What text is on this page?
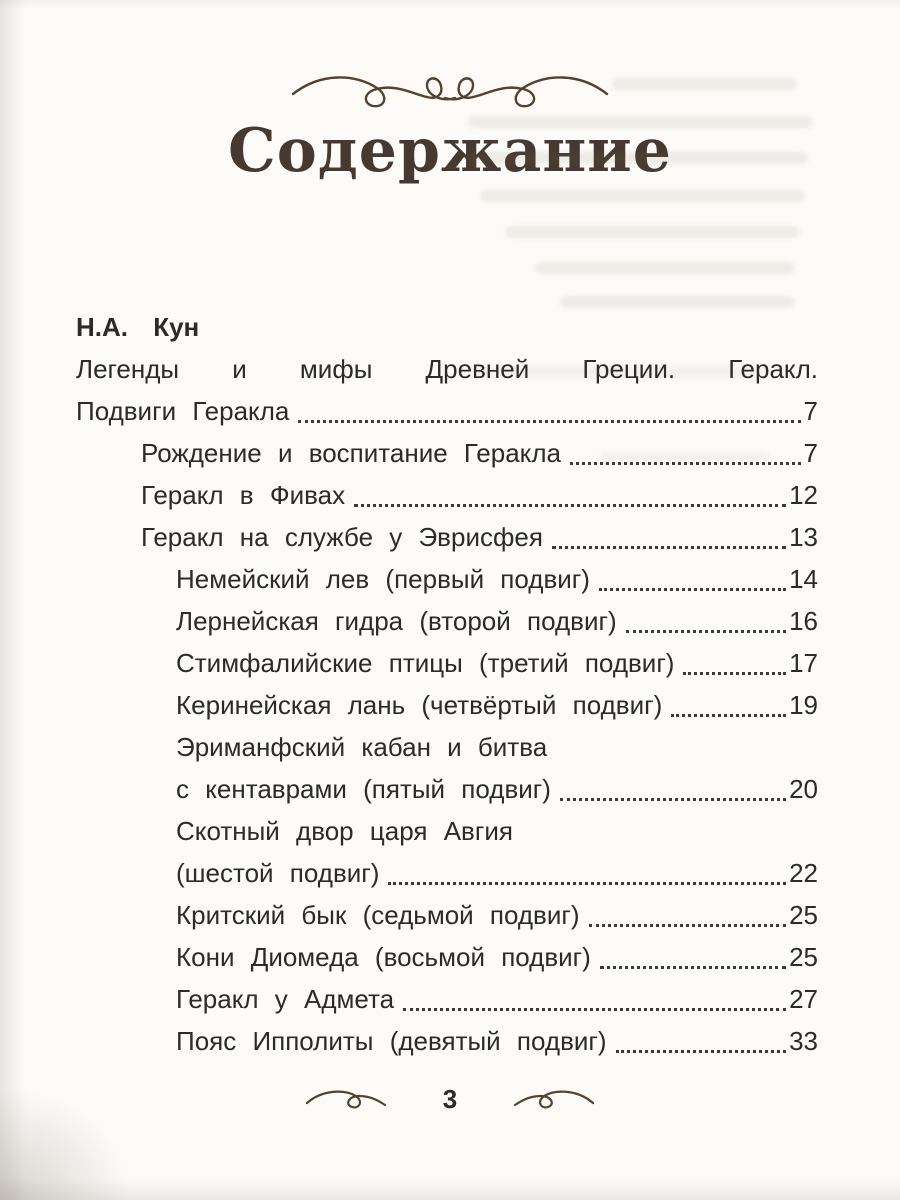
Содержание
Н.А. Кун
Легенды и мифы Древней Греции. Геракл.
Подвиги Геракла	7
Рождение и воспитание Геракла	7
Геракл в Фивах	12
Геракл на службе у Эврисфея	13
Немейский лев (первый подвиг)	14
Лернейская гидра (второй подвиг)	16
Стимфалийские птицы (третий подвиг)	17
Керинейская лань (четвёртый подвиг)	19
Эриманфский кабан и битва
с кентаврами (пятый подвиг)	20
Скотный двор царя Авгия
(шестой подвиг)	22
Критский бык (седьмой подвиг)	25
Кони Диомеда (восьмой подвиг)	25
Геракл у Адмета	27
Пояс Ипполиты (девятый подвиг)	33
3
